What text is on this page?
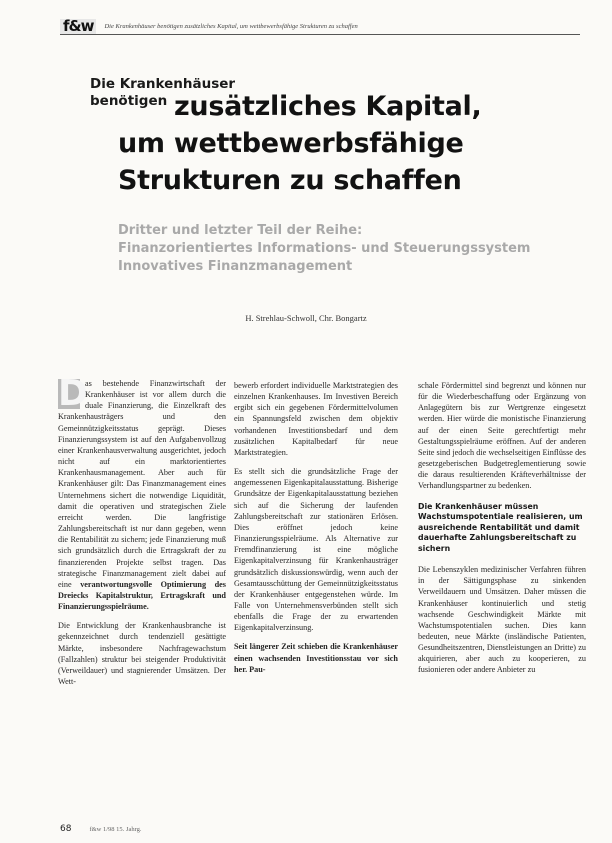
f&w	Die Krankenhäuser benötigen zusätzliches Kapital, um wettbewerbsfähige Strukturen zu schaffen
Die Krankenhäuser benötigen zusätzliches Kapital,
um wettbewerbsfähige
Strukturen zu schaffen
Dritter und letzter Teil der Reihe:
Finanzorientiertes Informations- und Steuerungssystem
Innovatives Finanzmanagement
H. Strehlau-Schwoll, Chr. Bongartz

D
as bestehende Finanzwirtschaft der Krankenhäuser ist vor allem durch die duale Finanzierung, die Einzelkraft des Krankenhausträgers und den Gemeinnützigkeitsstatus geprägt. Dieses Finanzierungssystem ist auf den Aufgabenvollzug einer Krankenhausverwaltung ausgerichtet, jedoch nicht auf ein marktorientiertes Krankenhausmanagement. Aber auch für Krankenhäuser gilt: Das Finanzmanagement eines Unternehmens sichert die notwendige Liquidität, damit die operativen und strategischen Ziele erreicht werden. Die langfristige Zahlungsbereitschaft ist nur dann gegeben, wenn die Rentabilität zu sichern; jede Finanzierung muß sich grundsätzlich durch die Ertragskraft der zu finanzierenden Projekte selbst tragen. Das strategische Finanzmanagement zielt dabei auf eine verantwortungsvolle Optimierung des Dreiecks Kapitalstruktur, Ertragskraft und Finanzierungsspielräume.

Die Entwicklung der Krankenhausbranche ist gekennzeichnet durch tendenziell gesättigte Märkte, insbesondere Nachfragewachstum (Fallzahlen) struktur bei steigender Produktivität (Verweildauer) und stagnierender Umsätzen. Der Wett-

bewerb erfordert individuelle Marktstrategien des einzelnen Krankenhauses. Im Investiven Bereich ergibt sich ein gegebenen Fördermittelvolumen ein Spannungsfeld zwischen dem objektiv vorhandenen Investitionsbedarf und dem zusätzlichen Kapitalbedarf für neue Marktstrategien.

Es stellt sich die grundsätzliche Frage der angemessenen Eigenkapitalausstattung. Bisherige Grundsätze der Eigenkapitalausstattung beziehen sich auf die Sicherung der laufenden Zahlungsbereitschaft zur stationären Erlösen. Dies eröffnet jedoch keine Finanzierungsspielräume. Als Alternative zur Fremdfinanzierung ist eine mögliche Eigenkapitalverzinsung für Krankenhausträger grundsätzlich diskussionswürdig, wenn auch der Gesamtausschüttung der Gemeinnützigkeitsstatus der Krankenhäuser entgegenstehen würde. Im Falle von Unternehmensverbünden stellt sich ebenfalls die Frage der zu erwartenden Eigenkapitalverzinsung.

Seit längerer Zeit schieben die Krankenhäuser einen wachsenden Investitionsstau vor sich her. Pau-

schale Fördermittel sind begrenzt und können nur für die Wiederbeschaffung oder Ergänzung von Anlagegütern bis zur Wertgrenze eingesetzt werden. Hier würde die monistische Finanzierung auf der einen Seite gerechtfertigt mehr Gestaltungsspielräume eröffnen. Auf der anderen Seite sind jedoch die wechselseitigen Einflüsse des gesetzgeberischen Budgetreglementierung sowie die daraus resultierenden Kräfteverhältnisse der Verhandlungspartner zu bedenken.

Die Krankenhäuser müssen Wachstumspotentiale realisieren, um ausreichende Rentabilität und damit dauerhafte Zahlungsbereitschaft zu sichern

Die Lebenszyklen medizinischer Verfahren führen in der Sättigungsphase zu sinkenden Verweildauern und Umsätzen. Daher müssen die Krankenhäuser kontinuierlich und stetig wachsende Geschwindigkeit Märkte mit Wachstumspotentialen suchen. Dies kann bedeuten, neue Märkte (insländische Patienten, Gesundheitszentren, Dienstleistungen an Dritte) zu akquirieren, aber auch zu kooperieren, zu fusionieren oder andere Anbieter zu

68	f&w 1/98 15. Jahrg.
